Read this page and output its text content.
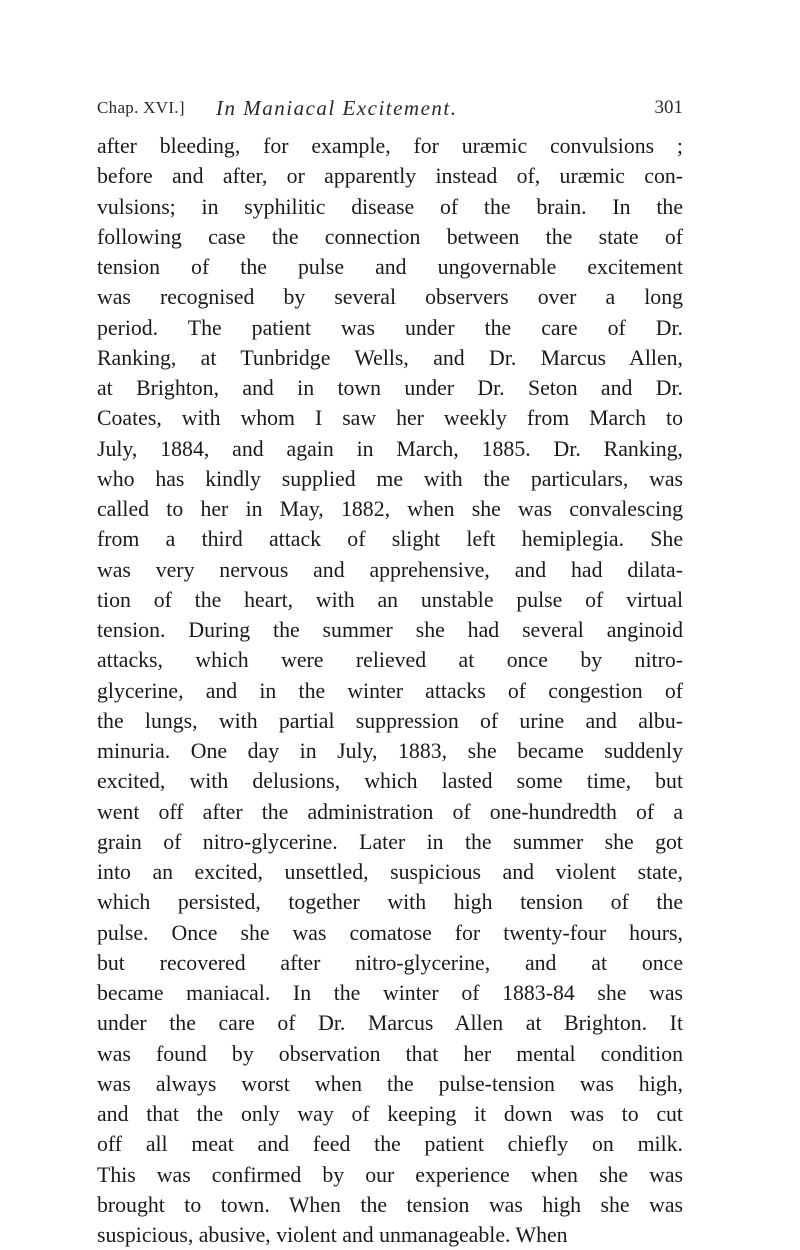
Chap. XVI.] In Maniacal Excitement.	301
after bleeding, for example, for uræmic convulsions ;
before and after, or apparently instead of, uræmic con-
vulsions; in syphilitic disease of the brain. In the
following case the connection between the state of
tension of the pulse and ungovernable excitement
was recognised by several observers over a long
period. The patient was under the care of Dr.
Ranking, at Tunbridge Wells, and Dr. Marcus Allen,
at Brighton, and in town under Dr. Seton and Dr.
Coates, with whom I saw her weekly from March to
July, 1884, and again in March, 1885. Dr. Ranking,
who has kindly supplied me with the particulars, was
called to her in May, 1882, when she was convalescing
from a third attack of slight left hemiplegia. She
was very nervous and apprehensive, and had dilata-
tion of the heart, with an unstable pulse of virtual
tension. During the summer she had several anginoid
attacks, which were relieved at once by nitro-
glycerine, and in the winter attacks of congestion of
the lungs, with partial suppression of urine and albu-
minuria. One day in July, 1883, she became suddenly
excited, with delusions, which lasted some time, but
went off after the administration of one-hundredth of a
grain of nitro-glycerine. Later in the summer she got
into an excited, unsettled, suspicious and violent state,
which persisted, together with high tension of the
pulse. Once she was comatose for twenty-four hours,
but recovered after nitro-glycerine, and at once
became maniacal. In the winter of 1883-84 she was
under the care of Dr. Marcus Allen at Brighton. It
was found by observation that her mental condition
was always worst when the pulse-tension was high,
and that the only way of keeping it down was to cut
off all meat and feed the patient chiefly on milk.
This was confirmed by our experience when she was
brought to town. When the tension was high she was
suspicious, abusive, violent and unmanageable. When
